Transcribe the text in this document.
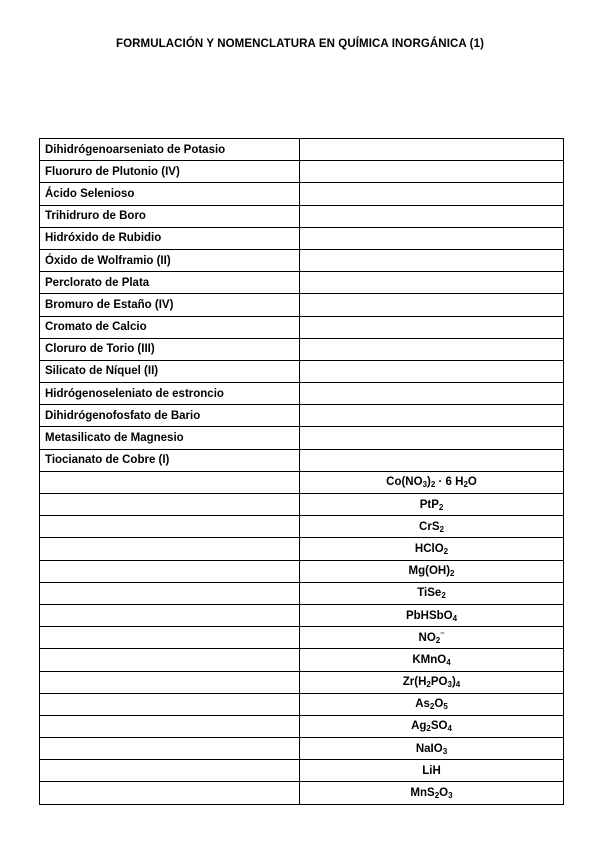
FORMULACIÓN Y NOMENCLATURA EN QUÍMICA INORGÁNICA (1)
Dihidrógenoarseniato de Potasio	
Fluoruro de Plutonio (IV)	
Ácido Selenioso	
Trihidruro de Boro	
Hidróxido de Rubidio	
Óxido de Wolframio (II)	
Perclorato de Plata	
Bromuro de Estaño (IV)	
Cromato de Calcio	
Cloruro de Torio (III)	
Silicato de Níquel (II)	
Hidrógenoseleniato de estroncio	
Dihidrógenofosfato de Bario	
Metasilicato de Magnesio	
Tiocianato de Cobre (I)	
	Co(NO3)2 · 6 H2O
	PtP2
	CrS2
	HClO2
	Mg(OH)2
	TiSe2
	PbHSbO4
	NO2⁻
	KMnO4
	Zr(H2PO3)4
	As2O5
	Ag2SO4
	NaIO3
	LiH
	MnS2O3
